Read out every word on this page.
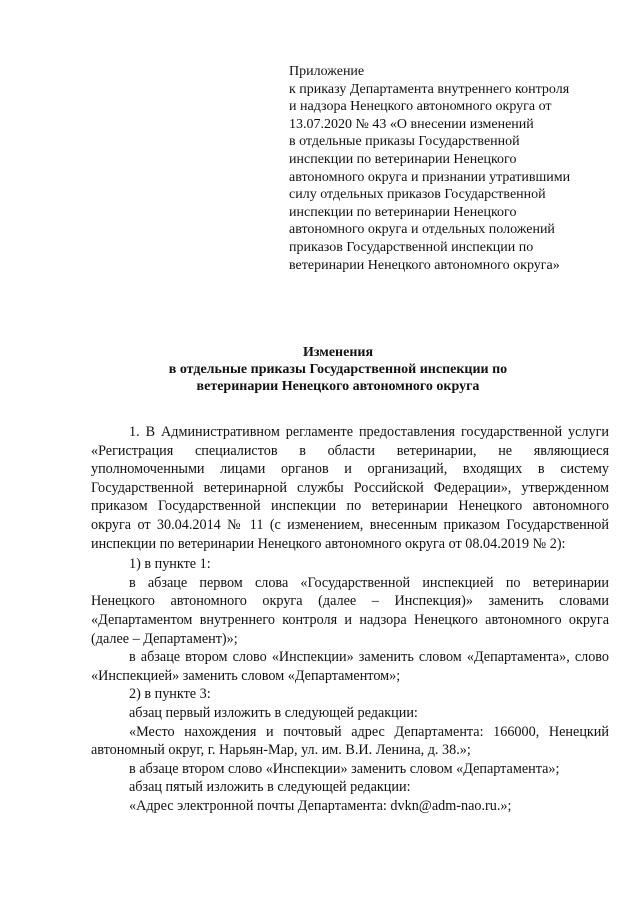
Приложение
к приказу Департамента внутреннего контроля
и надзора Ненецкого автономного округа от
13.07.2020 № 43 «О внесении изменений
в отдельные приказы Государственной
инспекции по ветеринарии Ненецкого
автономного округа и признании утратившими
силу отдельных приказов Государственной
инспекции по ветеринарии Ненецкого
автономного округа и отдельных положений
приказов Государственной инспекции по
ветеринарии Ненецкого автономного округа»
Изменения
в отдельные приказы Государственной инспекции по
ветеринарии Ненецкого автономного округа

1. В Административном регламенте предоставления государственной услуги «Регистрация специалистов в области ветеринарии, не являющиеся уполномоченными лицами органов и организаций, входящих в систему Государственной ветеринарной службы Российской Федерации», утвержденном приказом Государственной инспекции по ветеринарии Ненецкого автономного округа от 30.04.2014 № 11 (с изменением, внесенным приказом Государственной инспекции по ветеринарии Ненецкого автономного округа от 08.04.2019 № 2):

1) в пункте 1:

в абзаце первом слова «Государственной инспекцией по ветеринарии Ненецкого автономного округа (далее – Инспекция)» заменить словами «Департаментом внутреннего контроля и надзора Ненецкого автономного округа (далее – Департамент)»;

в абзаце втором слово «Инспекции» заменить словом «Департамента», слово «Инспекцией» заменить словом «Департаментом»;

2) в пункте 3:

абзац первый изложить в следующей редакции:

«Место нахождения и почтовый адрес Департамента: 166000, Ненецкий автономный округ, г. Нарьян-Мар, ул. им. В.И. Ленина, д. 38.»;

в абзаце втором слово «Инспекции» заменить словом «Департамента»;

абзац пятый изложить в следующей редакции:

«Адрес электронной почты Департамента: dvkn@adm-nao.ru.»;
